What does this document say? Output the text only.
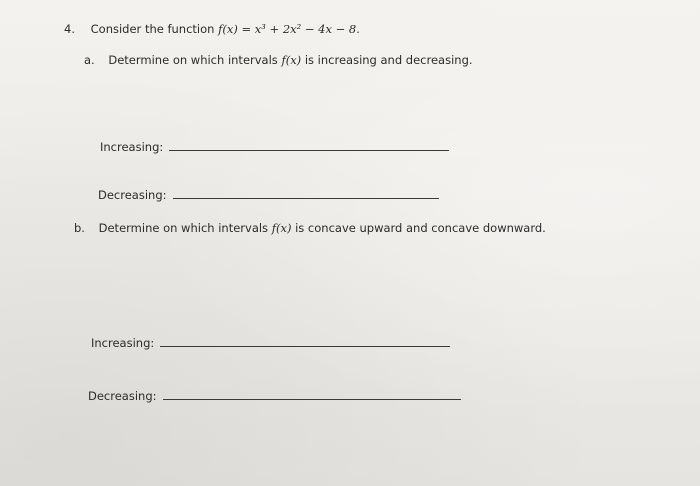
4. Consider the function f(x) = x³ + 2x² − 4x − 8.
a. Determine on which intervals f(x) is increasing and decreasing.
Increasing:
Decreasing:
b. Determine on which intervals f(x) is concave upward and concave downward.
Increasing:
Decreasing:
